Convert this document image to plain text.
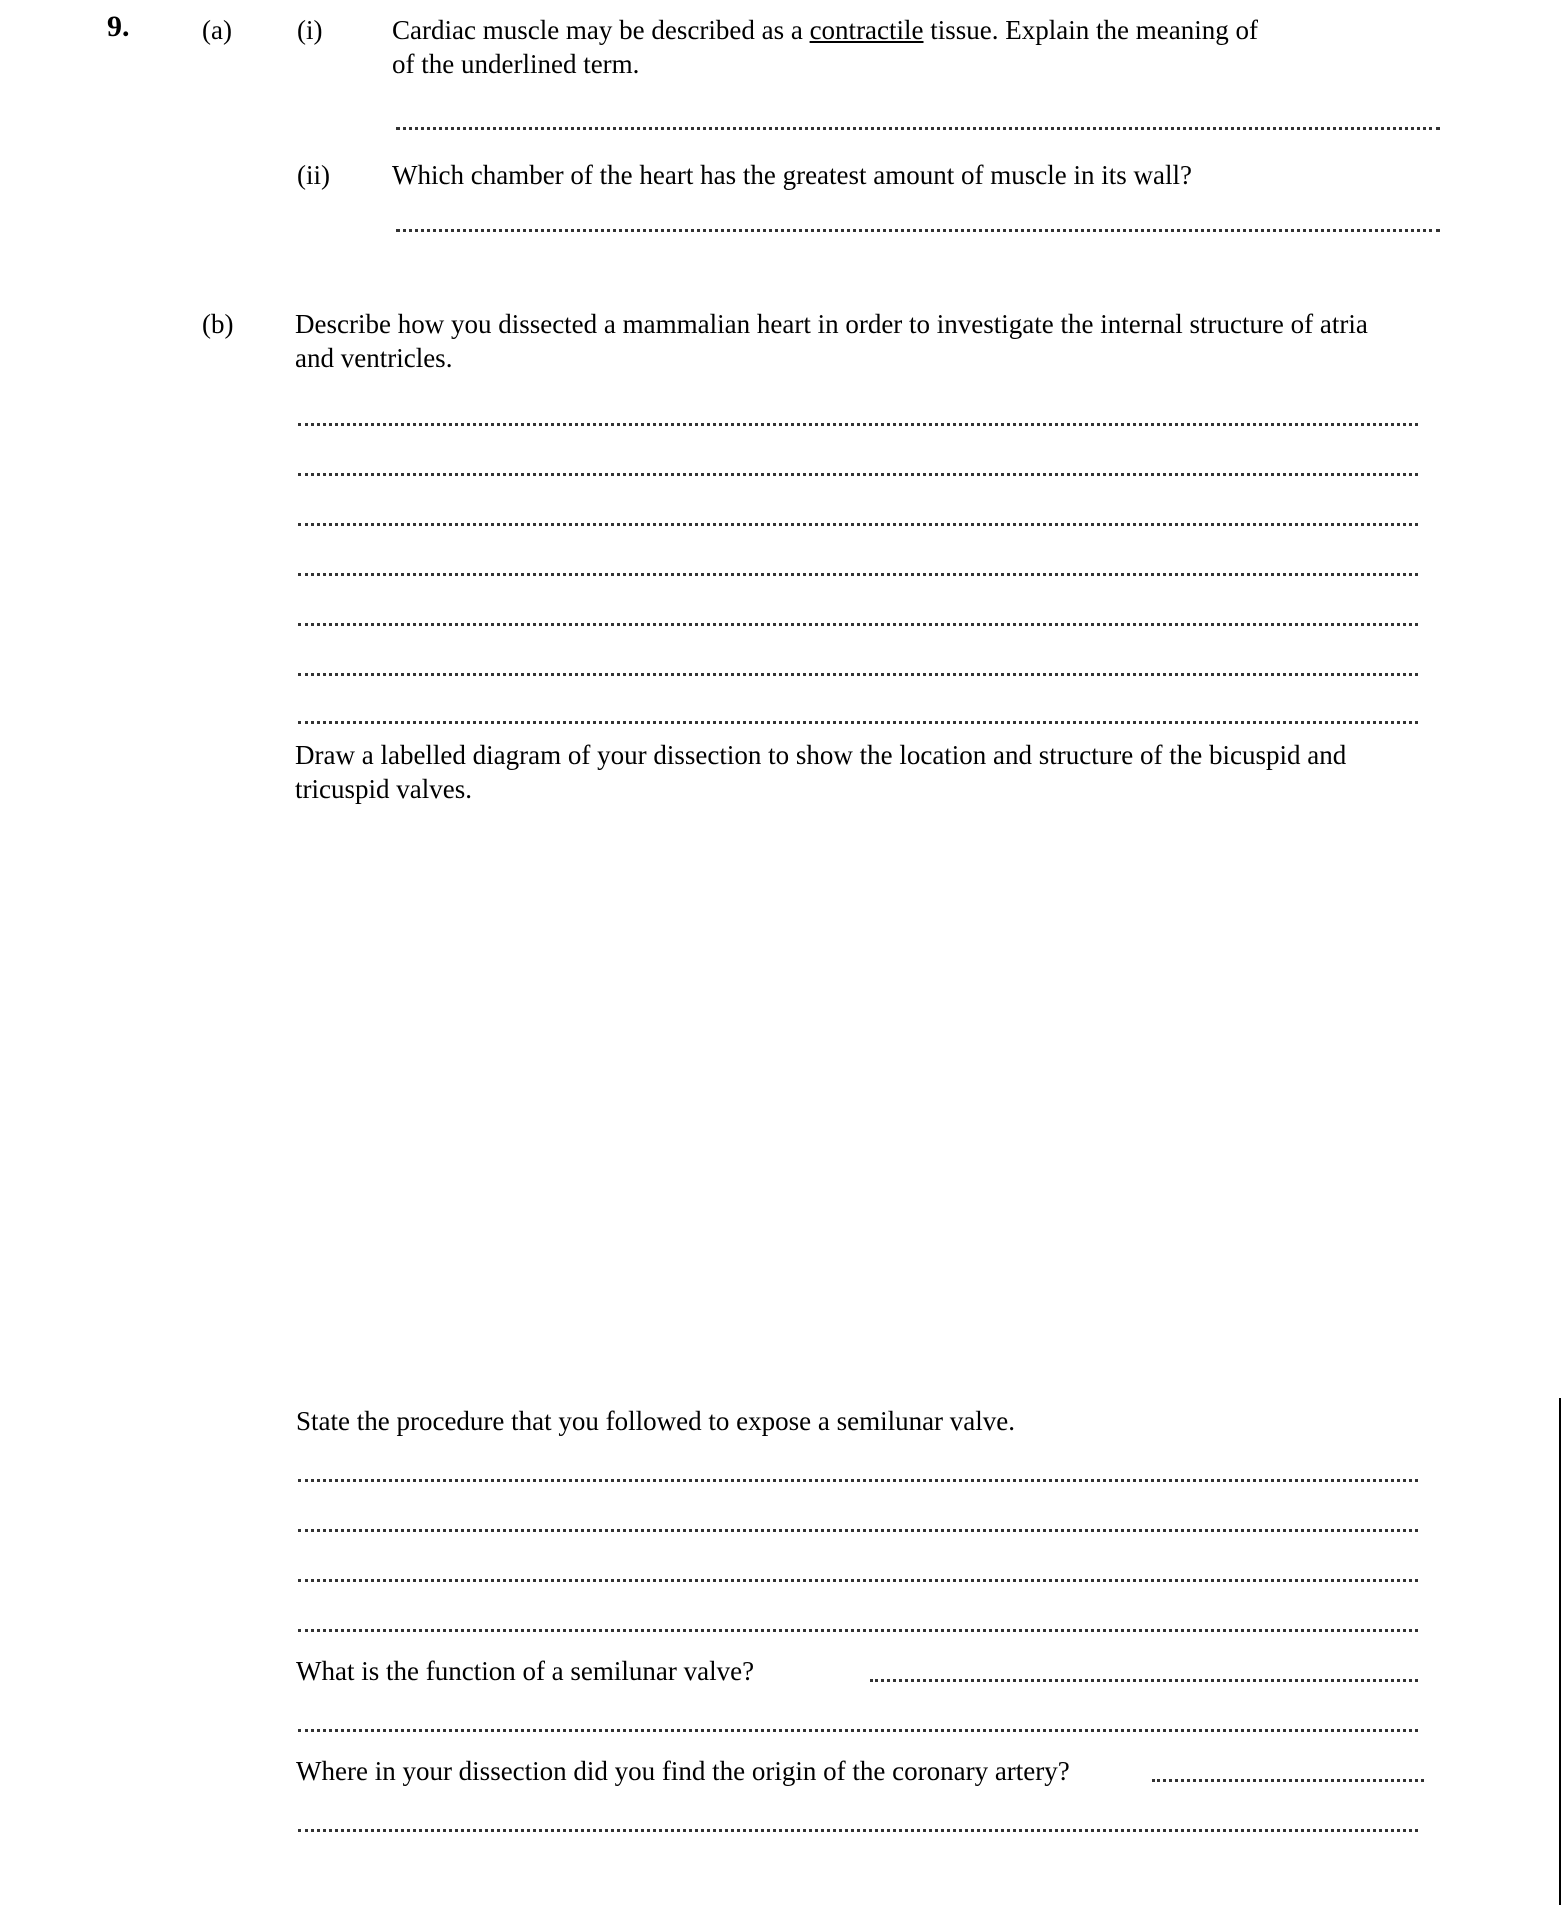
9.	(a) (i)	Cardiac muscle may be described as a contractile tissue. Explain the meaning of
of the underlined term.
(ii) Which chamber of the heart has the greatest amount of muscle in its wall?
(b) Describe how you dissected a mammalian heart in order to investigate the internal structure of atria
and ventricles.
Draw a labelled diagram of your dissection to show the location and structure of the bicuspid and
tricuspid valves.
State the procedure that you followed to expose a semilunar valve.
What is the function of a semilunar valve?
Where in your dissection did you find the origin of the coronary artery?
